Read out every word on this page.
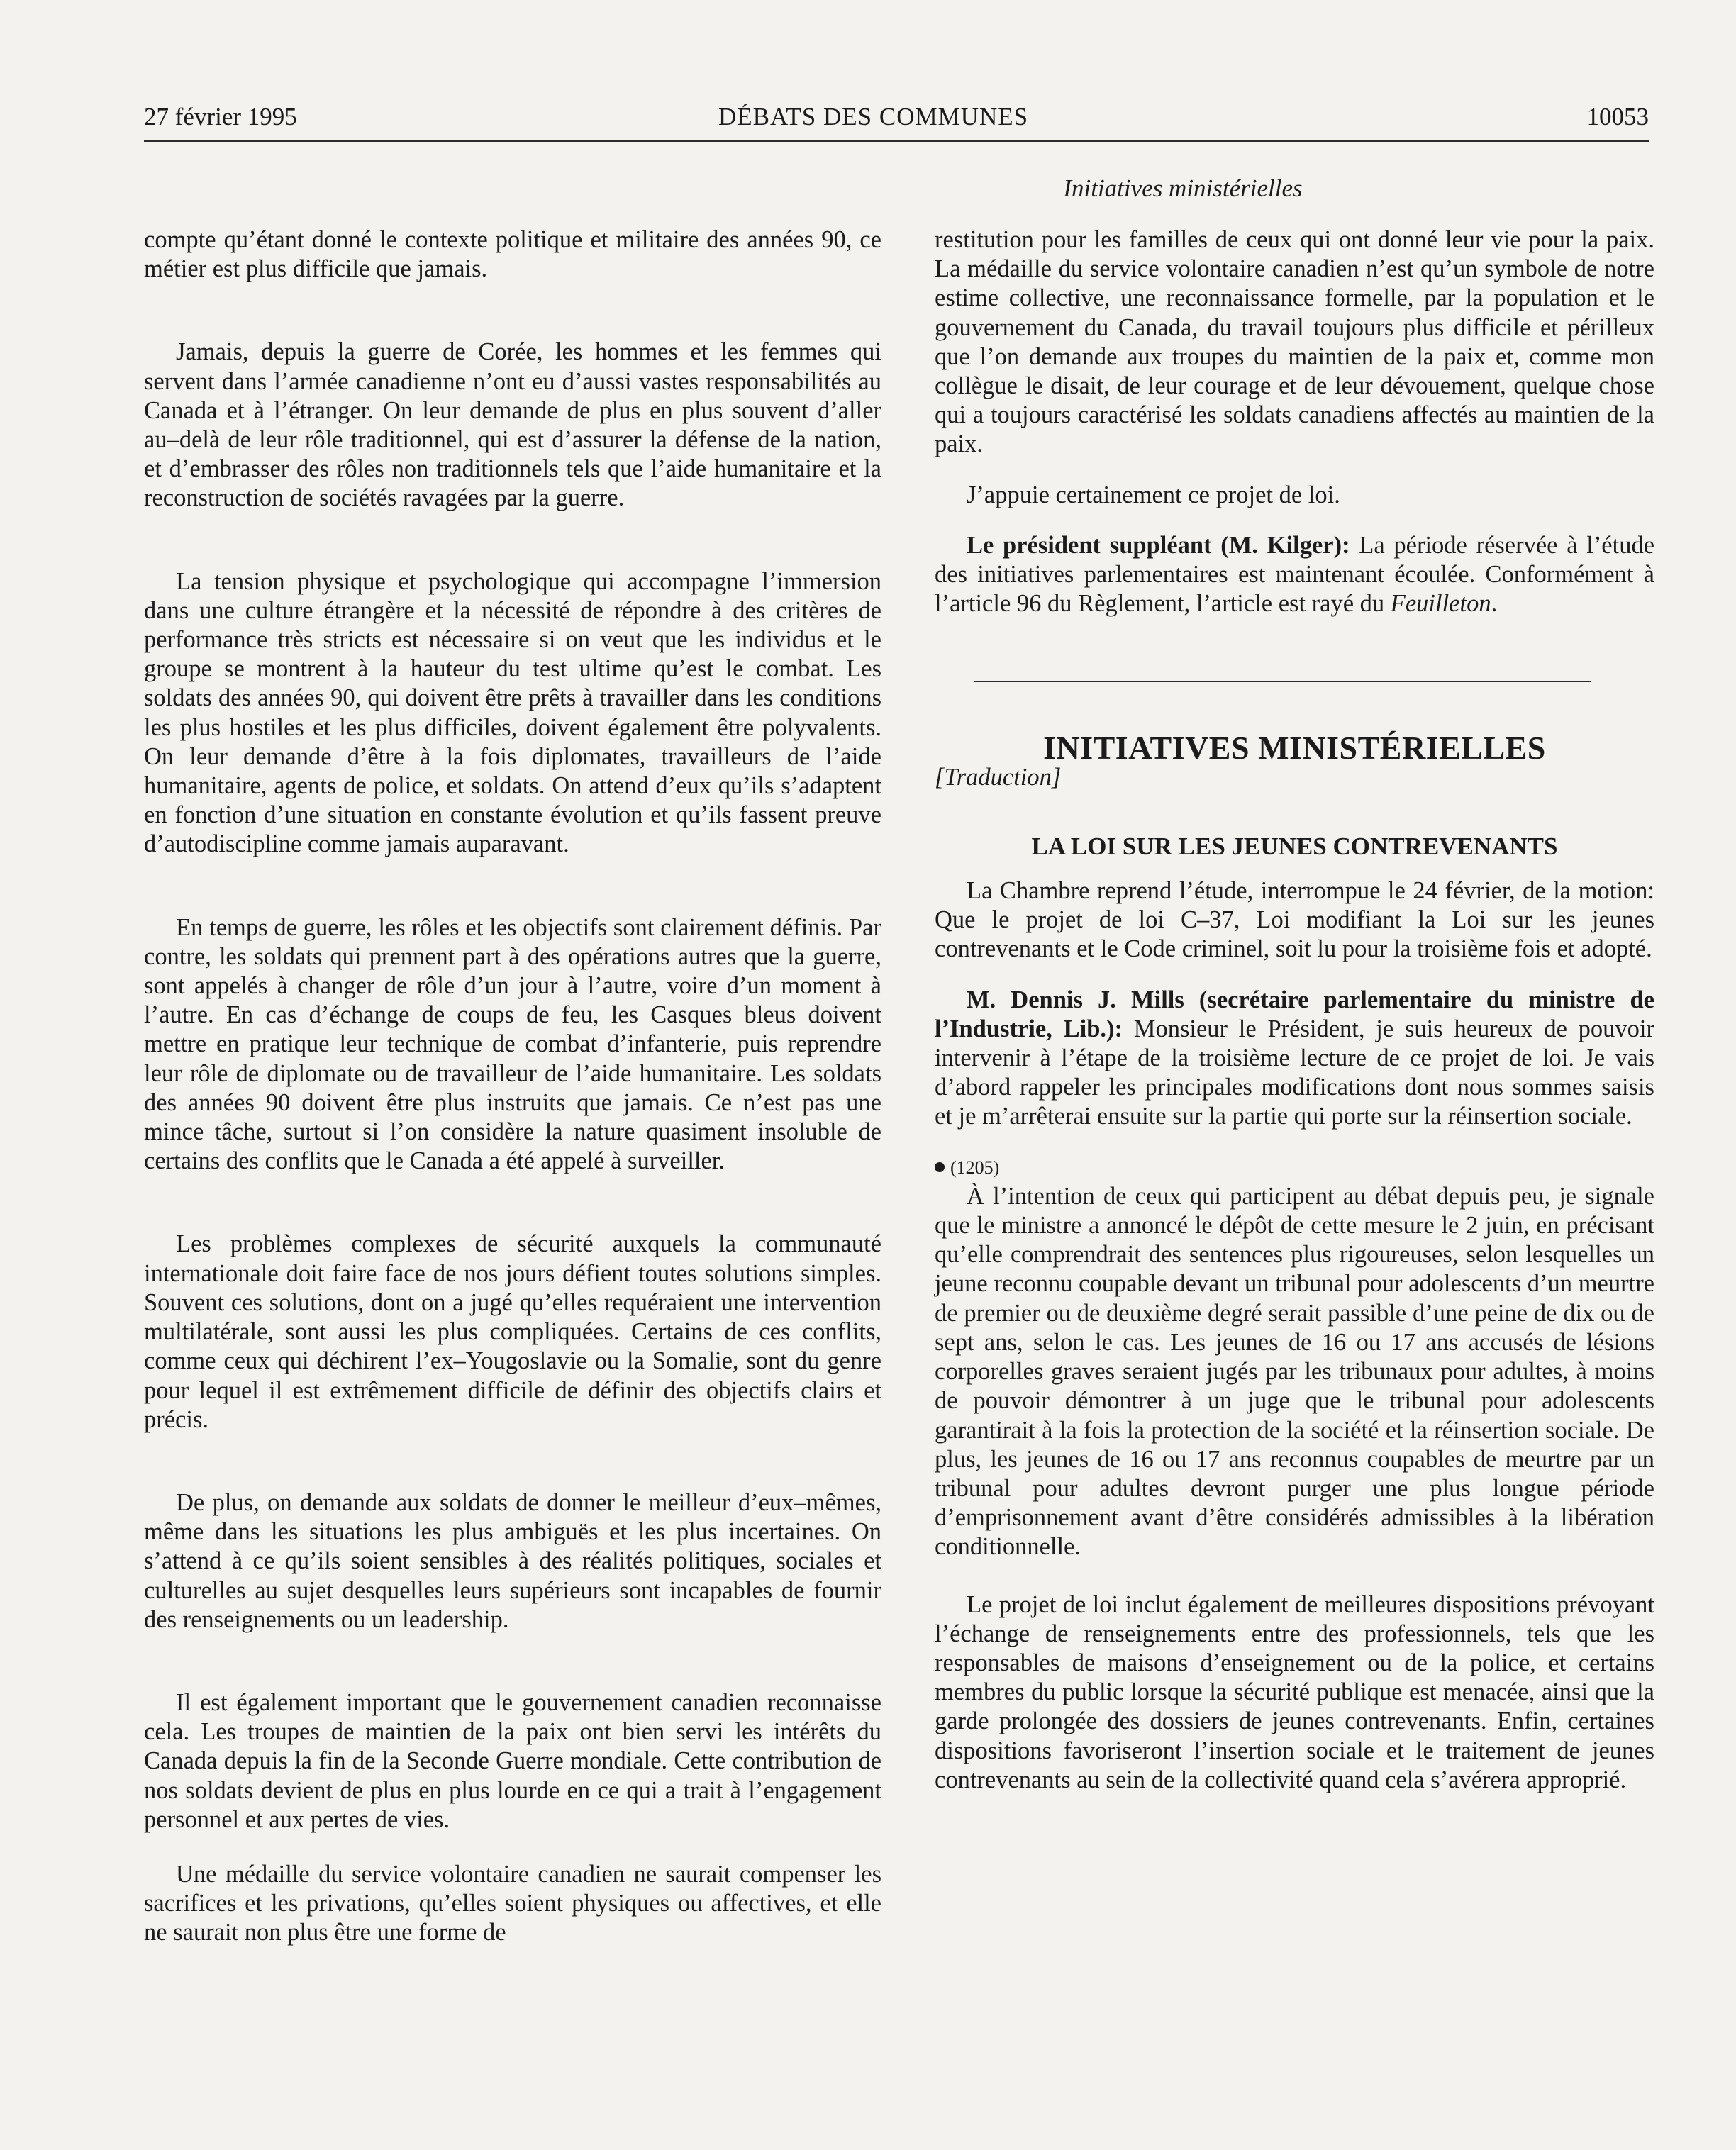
27 février 1995	DÉBATS DES COMMUNES	10053
Initiatives ministérielles

compte qu’étant donné le contexte politique et militaire des années 90, ce métier est plus difficile que jamais.

Jamais, depuis la guerre de Corée, les hommes et les femmes qui servent dans l’armée canadienne n’ont eu d’aussi vastes responsabilités au Canada et à l’étranger. On leur demande de plus en plus souvent d’aller au–delà de leur rôle traditionnel, qui est d’assurer la défense de la nation, et d’embrasser des rôles non traditionnels tels que l’aide humanitaire et la reconstruction de sociétés ravagées par la guerre.

La tension physique et psychologique qui accompagne l’immersion dans une culture étrangère et la nécessité de répondre à des critères de performance très stricts est nécessaire si on veut que les individus et le groupe se montrent à la hauteur du test ultime qu’est le combat. Les soldats des années 90, qui doivent être prêts à travailler dans les conditions les plus hostiles et les plus difficiles, doivent également être polyvalents. On leur demande d’être à la fois diplomates, travailleurs de l’aide humanitaire, agents de police, et soldats. On attend d’eux qu’ils s’adaptent en fonction d’une situation en constante évolution et qu’ils fassent preuve d’autodiscipline comme jamais auparavant.

En temps de guerre, les rôles et les objectifs sont clairement définis. Par contre, les soldats qui prennent part à des opérations autres que la guerre, sont appelés à changer de rôle d’un jour à l’autre, voire d’un moment à l’autre. En cas d’échange de coups de feu, les Casques bleus doivent mettre en pratique leur technique de combat d’infanterie, puis reprendre leur rôle de diplomate ou de travailleur de l’aide humanitaire. Les soldats des années 90 doivent être plus instruits que jamais. Ce n’est pas une mince tâche, surtout si l’on considère la nature quasiment insoluble de certains des conflits que le Canada a été appelé à surveiller.

Les problèmes complexes de sécurité auxquels la communauté internationale doit faire face de nos jours défient toutes solutions simples. Souvent ces solutions, dont on a jugé qu’elles requéraient une intervention multilatérale, sont aussi les plus compliquées. Certains de ces conflits, comme ceux qui déchirent l’ex–Yougoslavie ou la Somalie, sont du genre pour lequel il est extrêmement difficile de définir des objectifs clairs et précis.

De plus, on demande aux soldats de donner le meilleur d’eux–mêmes, même dans les situations les plus ambiguës et les plus incertaines. On s’attend à ce qu’ils soient sensibles à des réalités politiques, sociales et culturelles au sujet desquelles leurs supérieurs sont incapables de fournir des renseignements ou un leadership.

Il est également important que le gouvernement canadien reconnaisse cela. Les troupes de maintien de la paix ont bien servi les intérêts du Canada depuis la fin de la Seconde Guerre mondiale. Cette contribution de nos soldats devient de plus en plus lourde en ce qui a trait à l’engagement personnel et aux pertes de vies.

Une médaille du service volontaire canadien ne saurait compenser les sacrifices et les privations, qu’elles soient physiques ou affectives, et elle ne saurait non plus être une forme de

restitution pour les familles de ceux qui ont donné leur vie pour la paix. La médaille du service volontaire canadien n’est qu’un symbole de notre estime collective, une reconnaissance formelle, par la population et le gouvernement du Canada, du travail toujours plus difficile et périlleux que l’on demande aux troupes du maintien de la paix et, comme mon collègue le disait, de leur courage et de leur dévouement, quelque chose qui a toujours caractérisé les soldats canadiens affectés au maintien de la paix.

J’appuie certainement ce projet de loi.

Le président suppléant (M. Kilger): La période réservée à l’étude des initiatives parlementaires est maintenant écoulée. Conformément à l’article 96 du Règlement, l’article est rayé du Feuilleton.

INITIATIVES MINISTÉRIELLES

[Traduction]

LA LOI SUR LES JEUNES CONTREVENANTS

La Chambre reprend l’étude, interrompue le 24 février, de la motion: Que le projet de loi C–37, Loi modifiant la Loi sur les jeunes contrevenants et le Code criminel, soit lu pour la troisième fois et adopté.

M. Dennis J. Mills (secrétaire parlementaire du ministre de l’Industrie, Lib.): Monsieur le Président, je suis heureux de pouvoir intervenir à l’étape de la troisième lecture de ce projet de loi. Je vais d’abord rappeler les principales modifications dont nous sommes saisis et je m’arrêterai ensuite sur la partie qui porte sur la réinsertion sociale.

(1205)

À l’intention de ceux qui participent au débat depuis peu, je signale que le ministre a annoncé le dépôt de cette mesure le 2 juin, en précisant qu’elle comprendrait des sentences plus rigoureuses, selon lesquelles un jeune reconnu coupable devant un tribunal pour adolescents d’un meurtre de premier ou de deuxième degré serait passible d’une peine de dix ou de sept ans, selon le cas. Les jeunes de 16 ou 17 ans accusés de lésions corporelles graves seraient jugés par les tribunaux pour adultes, à moins de pouvoir démontrer à un juge que le tribunal pour adolescents garantirait à la fois la protection de la société et la réinsertion sociale. De plus, les jeunes de 16 ou 17 ans reconnus coupables de meurtre par un tribunal pour adultes devront purger une plus longue période d’emprisonnement avant d’être considérés admissibles à la libération conditionnelle.

Le projet de loi inclut également de meilleures dispositions prévoyant l’échange de renseignements entre des professionnels, tels que les responsables de maisons d’enseignement ou de la police, et certains membres du public lorsque la sécurité publique est menacée, ainsi que la garde prolongée des dossiers de jeunes contrevenants. Enfin, certaines dispositions favoriseront l’insertion sociale et le traitement de jeunes contrevenants au sein de la collectivité quand cela s’avérera approprié.
